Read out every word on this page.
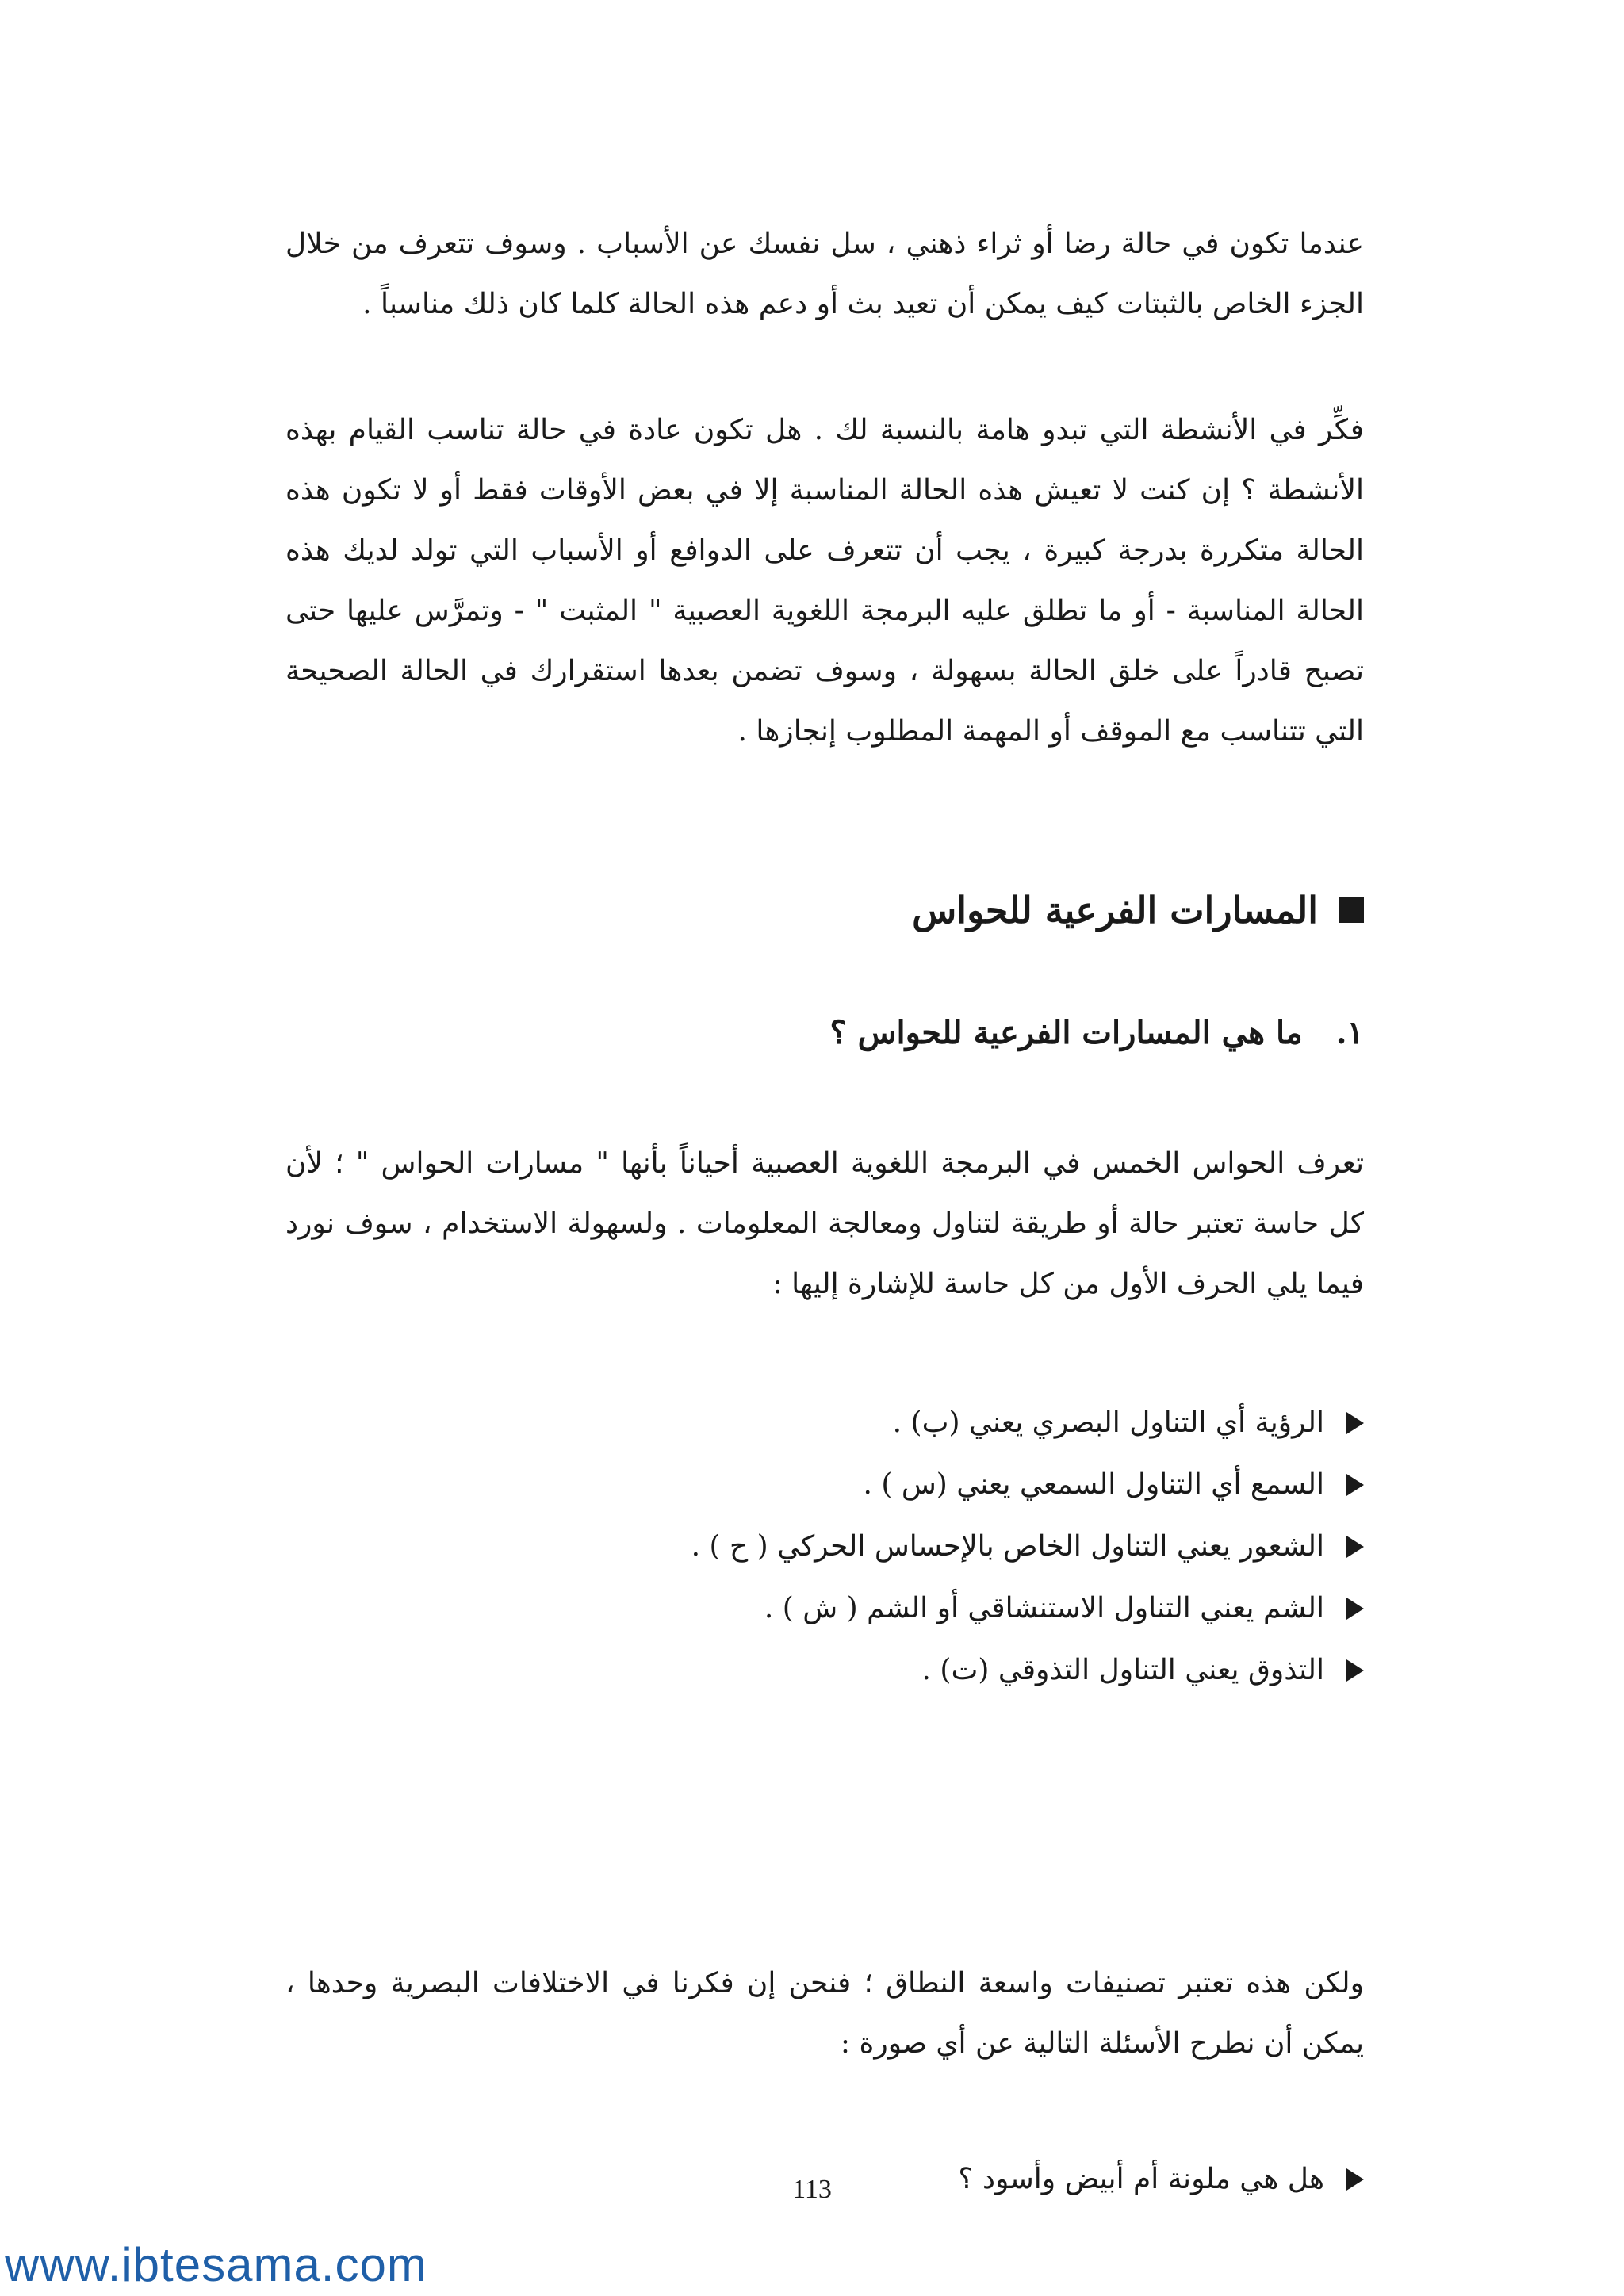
عندما تكون في حالة رضا أو ثراء ذهني ، سل نفسك عن الأسباب . وسوف تتعرف من خلال الجزء الخاص بالثبتات كيف يمكن أن تعيد بث أو دعم هذه الحالة كلما كان ذلك مناسباً .

فكِّر في الأنشطة التي تبدو هامة بالنسبة لك . هل تكون عادة في حالة تناسب القيام بهذه الأنشطة ؟ إن كنت لا تعيش هذه الحالة المناسبة إلا في بعض الأوقات فقط أو لا تكون هذه الحالة متكررة بدرجة كبيرة ، يجب أن تتعرف على الدوافع أو الأسباب التي تولد لديك هذه الحالة المناسبة - أو ما تطلق عليه البرمجة اللغوية العصبية " المثبت " - وتمرَّس عليها حتى تصبح قادراً على خلق الحالة بسهولة ، وسوف تضمن بعدها استقرارك في الحالة الصحيحة التي تتناسب مع الموقف أو المهمة المطلوب إنجازها .

المسارات الفرعية للحواس
١. ما هي المسارات الفرعية للحواس ؟

تعرف الحواس الخمس في البرمجة اللغوية العصبية أحياناً بأنها " مسارات الحواس " ؛ لأن كل حاسة تعتبر حالة أو طريقة لتناول ومعالجة المعلومات . ولسهولة الاستخدام ، سوف نورد فيما يلي الحرف الأول من كل حاسة للإشارة إليها :

الرؤية أي التناول البصري يعني (ب) .
السمع أي التناول السمعي يعني (س ) .
الشعور يعني التناول الخاص بالإحساس الحركي ( ح ) .
الشم يعني التناول الاستنشاقي أو الشم ( ش ) .
التذوق يعني التناول التذوقي (ت) .

ولكن هذه تعتبر تصنيفات واسعة النطاق ؛ فنحن إن فكرنا في الاختلافات البصرية وحدها ، يمكن أن نطرح الأسئلة التالية عن أي صورة :

هل هي ملونة أم أبيض وأسود ؟
113
www.ibtesama.com
